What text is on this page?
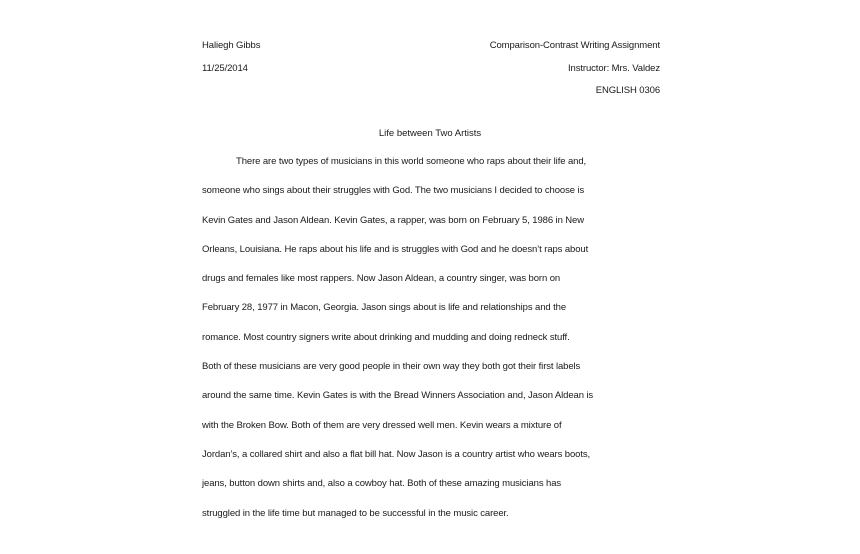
Haliegh Gibbs	Comparison-Contrast Writing Assignment
11/25/2014	Instructor: Mrs. Valdez
ENGLISH 0306
Life between Two Artists
There are two types of musicians in this world someone who raps about their life and,
someone who sings about their struggles with God. The two musicians I decided to choose is
Kevin Gates and Jason Aldean. Kevin Gates, a rapper, was born on February 5, 1986 in New
Orleans, Louisiana. He raps about his life and is struggles with God and he doesn’t raps about
drugs and females like most rappers. Now Jason Aldean, a country singer, was born on
February 28, 1977 in Macon, Georgia. Jason sings about is life and relationships and the
romance. Most country signers write about drinking and mudding and doing redneck stuff.
Both of these musicians are very good people in their own way they both got their first labels
around the same time. Kevin Gates is with the Bread Winners Association and, Jason Aldean is
with the Broken Bow. Both of them are very dressed well men. Kevin wears a mixture of
Jordan’s, a collared shirt and also a flat bill hat. Now Jason is a country artist who wears boots,
jeans, button down shirts and, also a cowboy hat. Both of these amazing musicians has
struggled in the life time but managed to be successful in the music career.
